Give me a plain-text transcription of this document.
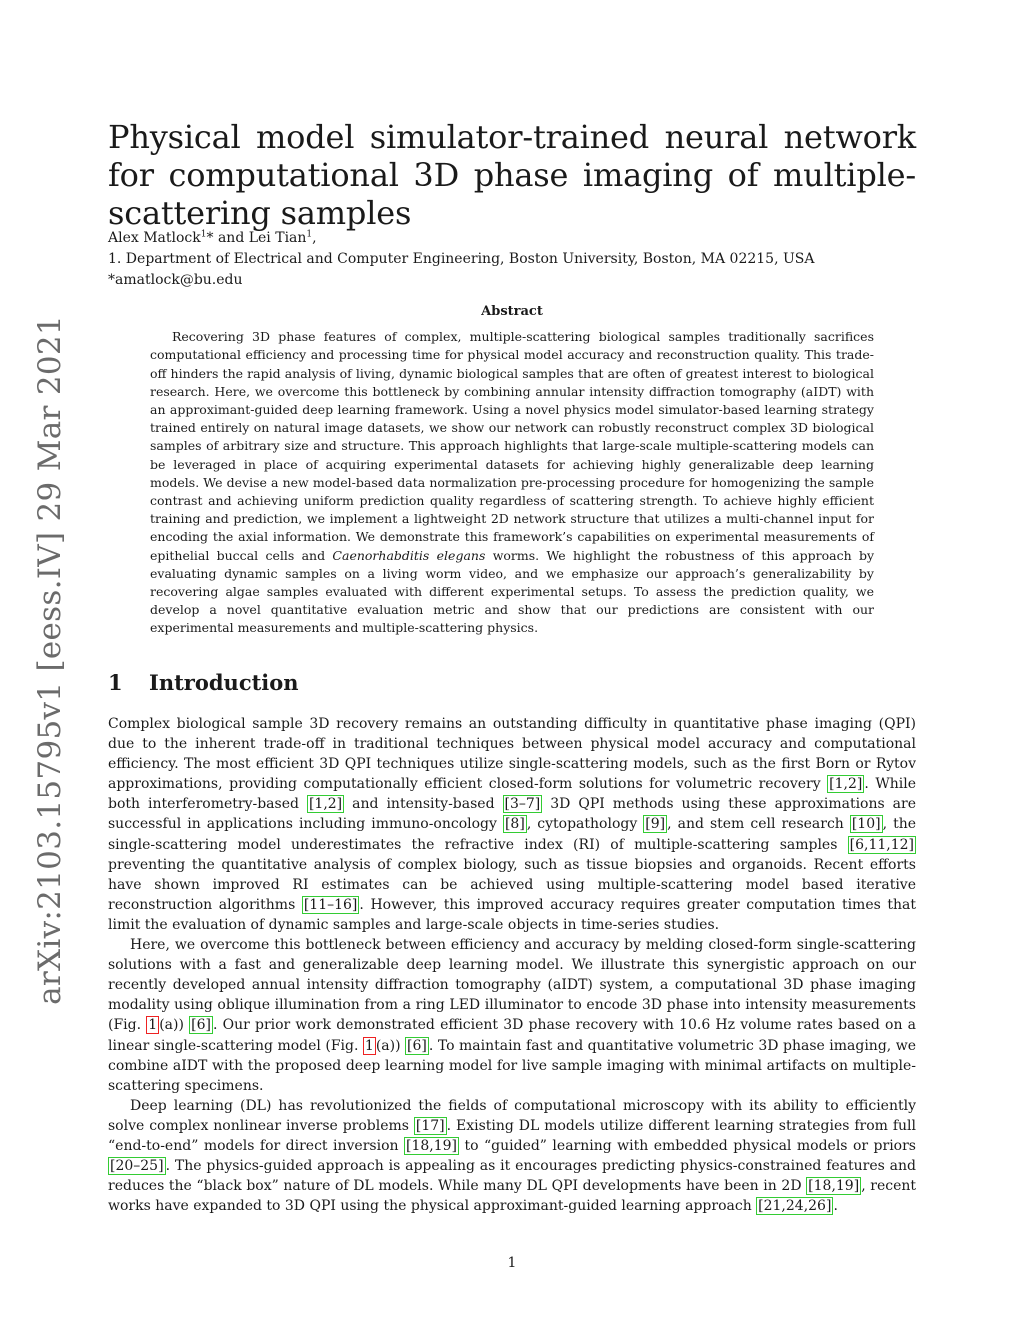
arXiv:2103.15795v1 [eess.IV] 29 Mar 2021
Physical model simulator-trained neural network for computational 3D phase imaging of multiple-scattering samples
Alex Matlock$^1$* and Lei Tian$^1$,
1. Department of Electrical and Computer Engineering, Boston University, Boston, MA 02215, USA
*amatlock@bu.edu
Abstract

Recovering 3D phase features of complex, multiple-scattering biological samples traditionally sacrifices computational efficiency and processing time for physical model accuracy and reconstruction quality. This trade-off hinders the rapid analysis of living, dynamic biological samples that are often of greatest interest to biological research. Here, we overcome this bottleneck by combining annular intensity diffraction tomography (aIDT) with an approximant-guided deep learning framework. Using a novel physics model simulator-based learning strategy trained entirely on natural image datasets, we show our network can robustly reconstruct complex 3D biological samples of arbitrary size and structure. This approach highlights that large-scale multiple-scattering models can be leveraged in place of acquiring experimental datasets for achieving highly generalizable deep learning models. We devise a new model-based data normalization pre-processing procedure for homogenizing the sample contrast and achieving uniform prediction quality regardless of scattering strength. To achieve highly efficient training and prediction, we implement a lightweight 2D network structure that utilizes a multi-channel input for encoding the axial information. We demonstrate this framework’s capabilities on experimental measurements of epithelial buccal cells and Caenorhabditis elegans worms. We highlight the robustness of this approach by evaluating dynamic samples on a living worm video, and we emphasize our approach’s generalizability by recovering algae samples evaluated with different experimental setups. To assess the prediction quality, we develop a novel quantitative evaluation metric and show that our predictions are consistent with our experimental measurements and multiple-scattering physics.

1 Introduction

Complex biological sample 3D recovery remains an outstanding difficulty in quantitative phase imaging (QPI) due to the inherent trade-off in traditional techniques between physical model accuracy and computational efficiency. The most efficient 3D QPI techniques utilize single-scattering models, such as the first Born or Rytov approximations, providing computationally efficient closed-form solutions for volumetric recovery [1,2] . While both interferometry-based [1,2] and intensity-based [3–7] 3D QPI methods using these approximations are successful in applications including immuno-oncology [8] , cytopathology [9] , and stem cell research [10] , the single-scattering model underestimates the refractive index (RI) of multiple-scattering samples [6,11,12] preventing the quantitative analysis of complex biology, such as tissue biopsies and organoids. Recent efforts have shown improved RI estimates can be achieved using multiple-scattering model based iterative reconstruction algorithms [11–16] . However, this improved accuracy requires greater computation times that limit the evaluation of dynamic samples and large-scale objects in time-series studies.

Here, we overcome this bottleneck between efficiency and accuracy by melding closed-form single-scattering solutions with a fast and generalizable deep learning model. We illustrate this synergistic approach on our recently developed annual intensity diffraction tomography (aIDT) system, a computational 3D phase imaging modality using oblique illumination from a ring LED illuminator to encode 3D phase into intensity measurements (Fig. 1 (a)) [6] . Our prior work demonstrated efficient 3D phase recovery with 10.6 Hz volume rates based on a linear single-scattering model (Fig. 1 (a)) [6] . To maintain fast and quantitative volumetric 3D phase imaging, we combine aIDT with the proposed deep learning model for live sample imaging with minimal artifacts on multiple-scattering specimens.

Deep learning (DL) has revolutionized the fields of computational microscopy with its ability to efficiently solve complex nonlinear inverse problems [17] . Existing DL models utilize different learning strategies from full “end-to-end” models for direct inversion [18,19] to “guided” learning with embedded physical models or priors [20–25] . The physics-guided approach is appealing as it encourages predicting physics-constrained features and reduces the “black box” nature of DL models. While many DL QPI developments have been in 2D [18,19] , recent works have expanded to 3D QPI using the physical approximant-guided learning approach [21,24,26] .

1
